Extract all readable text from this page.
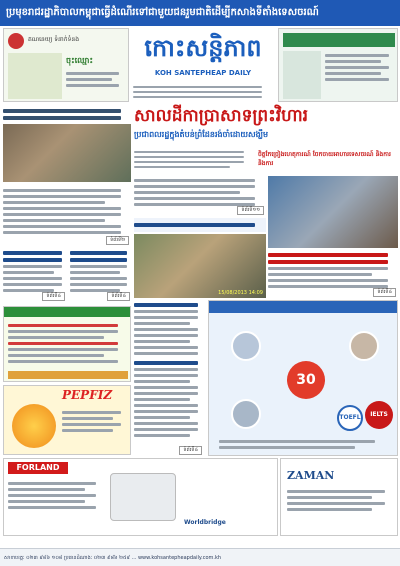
ប្រមុខរាជរដ្ឋាភិបាលកម្ពុជាធ្វើដំណើរទៅជាមួយជនរួមជាតិដើម្បីកសាងទីតាំងទេសចរណ៍
គណនេយ្យ ទំនាក់ទំនង
ចុះឈ្មោះ	កោះសន្តិភាព
KOH SANTEPHEAP DAILY
ទំព័រទី២
ទំព័រទី៤	ទំព័រទី៤
PEPFIZ
FORLAND
Worldbridge
សាលដីកាប្រាសាទព្រះវិហារ
ប្រជាពលរដ្ឋក្នុងតំបន់ព្រំដែនរង់ចាំដោយសង្ឃឹម
ចិត្តកែច្រៀងហេតុការណ៍ ចែកចាយអាហារទេសចរណ៍ និងការនិងការ
ទំព័រទី១១
15/08/2013 14:09	ទំព័រទី៤
ទំព័រទី៤
30
TOEFL	IELTS
ZAMAN
សាខាខេត្តៈ ០២៣ ៩៨៦ ១០៨ ប្រធានដំណាងៈ ០២៣ ៩៨៦ ២៥៩ ... www.kohsantepheapdaily.com.kh
